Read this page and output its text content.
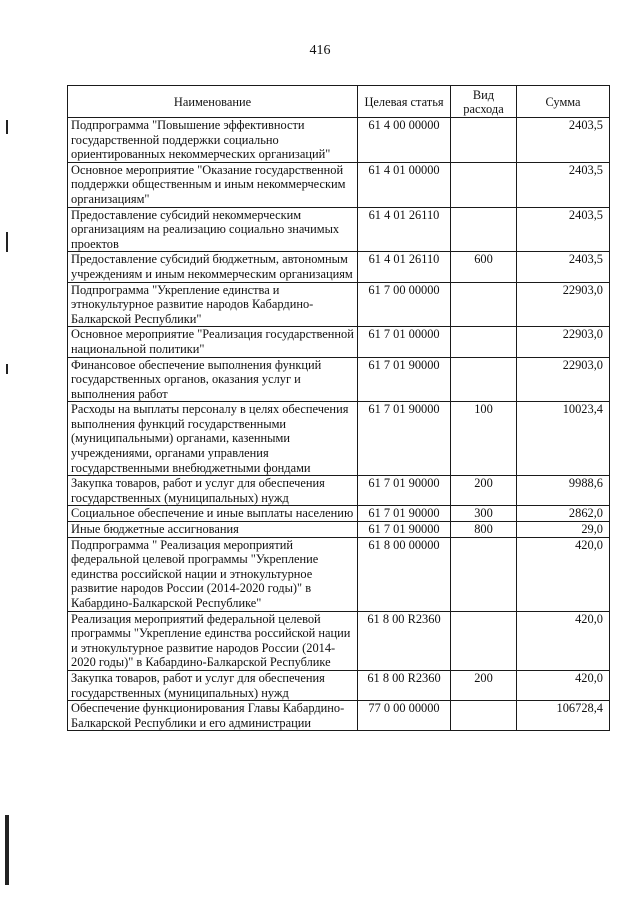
416
Наименование	Целевая статья	Вид расхода	Сумма
Подпрограмма "Повышение эффективности государственной поддержки социально ориентированных некоммерческих организаций"	61 4 00 00000		2403,5
Основное мероприятие "Оказание государственной поддержки общественным и иным некоммерческим организациям"	61 4 01 00000		2403,5
Предоставление субсидий некоммерческим организациям на реализацию социально значимых проектов	61 4 01 26110		2403,5
Предоставление субсидий бюджетным, автономным учреждениям и иным некоммерческим организациям	61 4 01 26110	600	2403,5
Подпрограмма "Укрепление единства и этнокультурное развитие народов Кабардино-Балкарской Республики"	61 7 00 00000		22903,0
Основное мероприятие "Реализация государственной национальной политики"	61 7 01 00000		22903,0
Финансовое обеспечение выполнения функций государственных органов, оказания услуг и выполнения работ	61 7 01 90000		22903,0
Расходы на выплаты персоналу в целях обеспечения выполнения функций государственными (муниципальными) органами, казенными учреждениями, органами управления государственными внебюджетными фондами	61 7 01 90000	100	10023,4
Закупка товаров, работ и услуг для обеспечения государственных (муниципальных) нужд	61 7 01 90000	200	9988,6
Социальное обеспечение и иные выплаты населению	61 7 01 90000	300	2862,0
Иные бюджетные ассигнования	61 7 01 90000	800	29,0
Подпрограмма " Реализация мероприятий федеральной целевой программы "Укрепление единства российской нации и этнокультурное развитие народов России (2014-2020 годы)" в Кабардино-Балкарской Республике"	61 8 00 00000		420,0
Реализация мероприятий федеральной целевой программы "Укрепление единства российской нации и этнокультурное развитие народов России (2014-2020 годы)" в Кабардино-Балкарской Республике	61 8 00 R2360		420,0
Закупка товаров, работ и услуг для обеспечения государственных (муниципальных) нужд	61 8 00 R2360	200	420,0
Обеспечение функционирования Главы Кабардино-Балкарской Республики и его администрации	77 0 00 00000		106728,4
